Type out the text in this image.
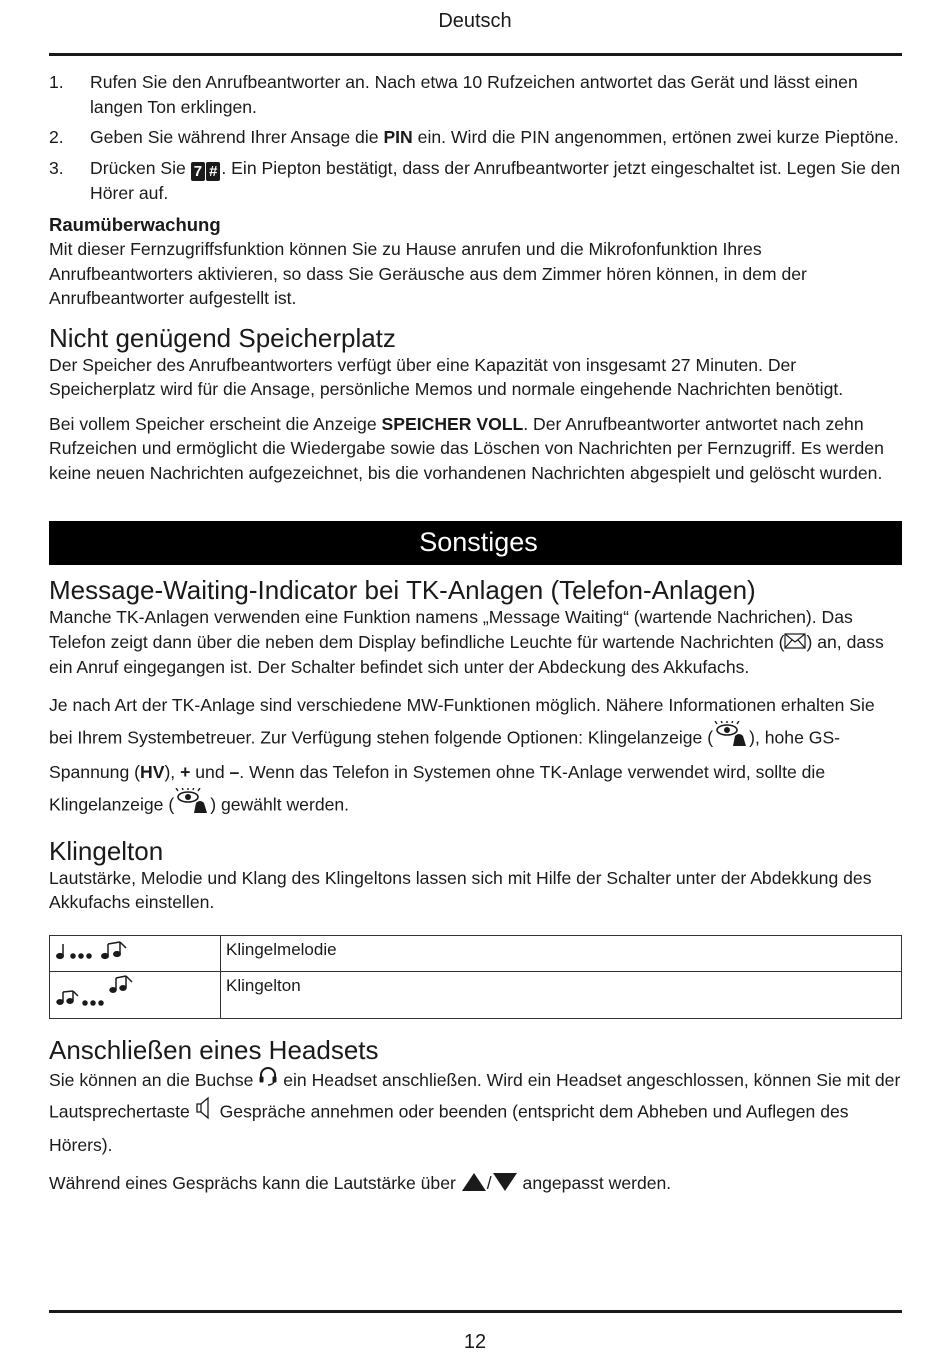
Deutsch
1. Rufen Sie den Anrufbeantworter an. Nach etwa 10 Rufzeichen antwortet das Gerät und lässt einen langen Ton erklingen.
2. Geben Sie während Ihrer Ansage die PIN ein. Wird die PIN angenommen, ertönen zwei kurze Pieptöne.
3. Drücken Sie 7 # . Ein Piepton bestätigt, dass der Anrufbeantworter jetzt eingeschaltet ist. Legen Sie den Hörer auf.
Raumüberwachung

Mit dieser Fernzugriffsfunktion können Sie zu Hause anrufen und die Mikrofonfunktion Ihres Anrufbeantworters aktivieren, so dass Sie Geräusche aus dem Zimmer hören können, in dem der Anrufbeantworter aufgestellt ist.

Nicht genügend Speicherplatz

Der Speicher des Anrufbeantworters verfügt über eine Kapazität von insgesamt 27 Minuten. Der Speicherplatz wird für die Ansage, persönliche Memos und normale eingehende Nachrichten benötigt.

Bei vollem Speicher erscheint die Anzeige SPEICHER VOLL. Der Anrufbeantworter antwortet nach zehn Rufzeichen und ermöglicht die Wiedergabe sowie das Löschen von Nachrichten per Fernzugriff. Es werden keine neuen Nachrichten aufgezeichnet, bis die vorhandenen Nachrichten abgespielt und gelöscht wurden.

Sonstiges
Message-Waiting-Indicator bei TK-Anlagen (Telefon-Anlagen)

Manche TK-Anlagen verwenden eine Funktion namens „Message Waiting“ (wartende Nachrichen). Das Telefon zeigt dann über die neben dem Display befindliche Leuchte für wartende Nachrichten ( ) an, dass ein Anruf eingegangen ist. Der Schalter befindet sich unter der Abdeckung des Akkufachs.

Je nach Art der TK-Anlage sind verschiedene MW-Funktionen möglich. Nähere Informationen erhalten Sie bei Ihrem Systembetreuer. Zur Verfügung stehen folgende Optionen: Klingelanzeige ( ), hohe GS-Spannung (HV), + und –. Wenn das Telefon in Systemen ohne TK-Anlage verwendet wird, sollte die Klingelanzeige ( ) gewählt werden.

Klingelton

Lautstärke, Melodie und Klang des Klingeltons lassen sich mit Hilfe der Schalter unter der Abdekkung des Akkufachs einstellen.

	Klingelmelodie
	Klingelton
Anschließen eines Headsets

Sie können an die Buchse  ein Headset anschließen. Wird ein Headset angeschlossen, können Sie mit der Lautsprechertaste  Gespräche annehmen oder beenden (entspricht dem Abheben und Auflegen des Hörers).

Während eines Gesprächs kann die Lautstärke über / angepasst werden.

12
